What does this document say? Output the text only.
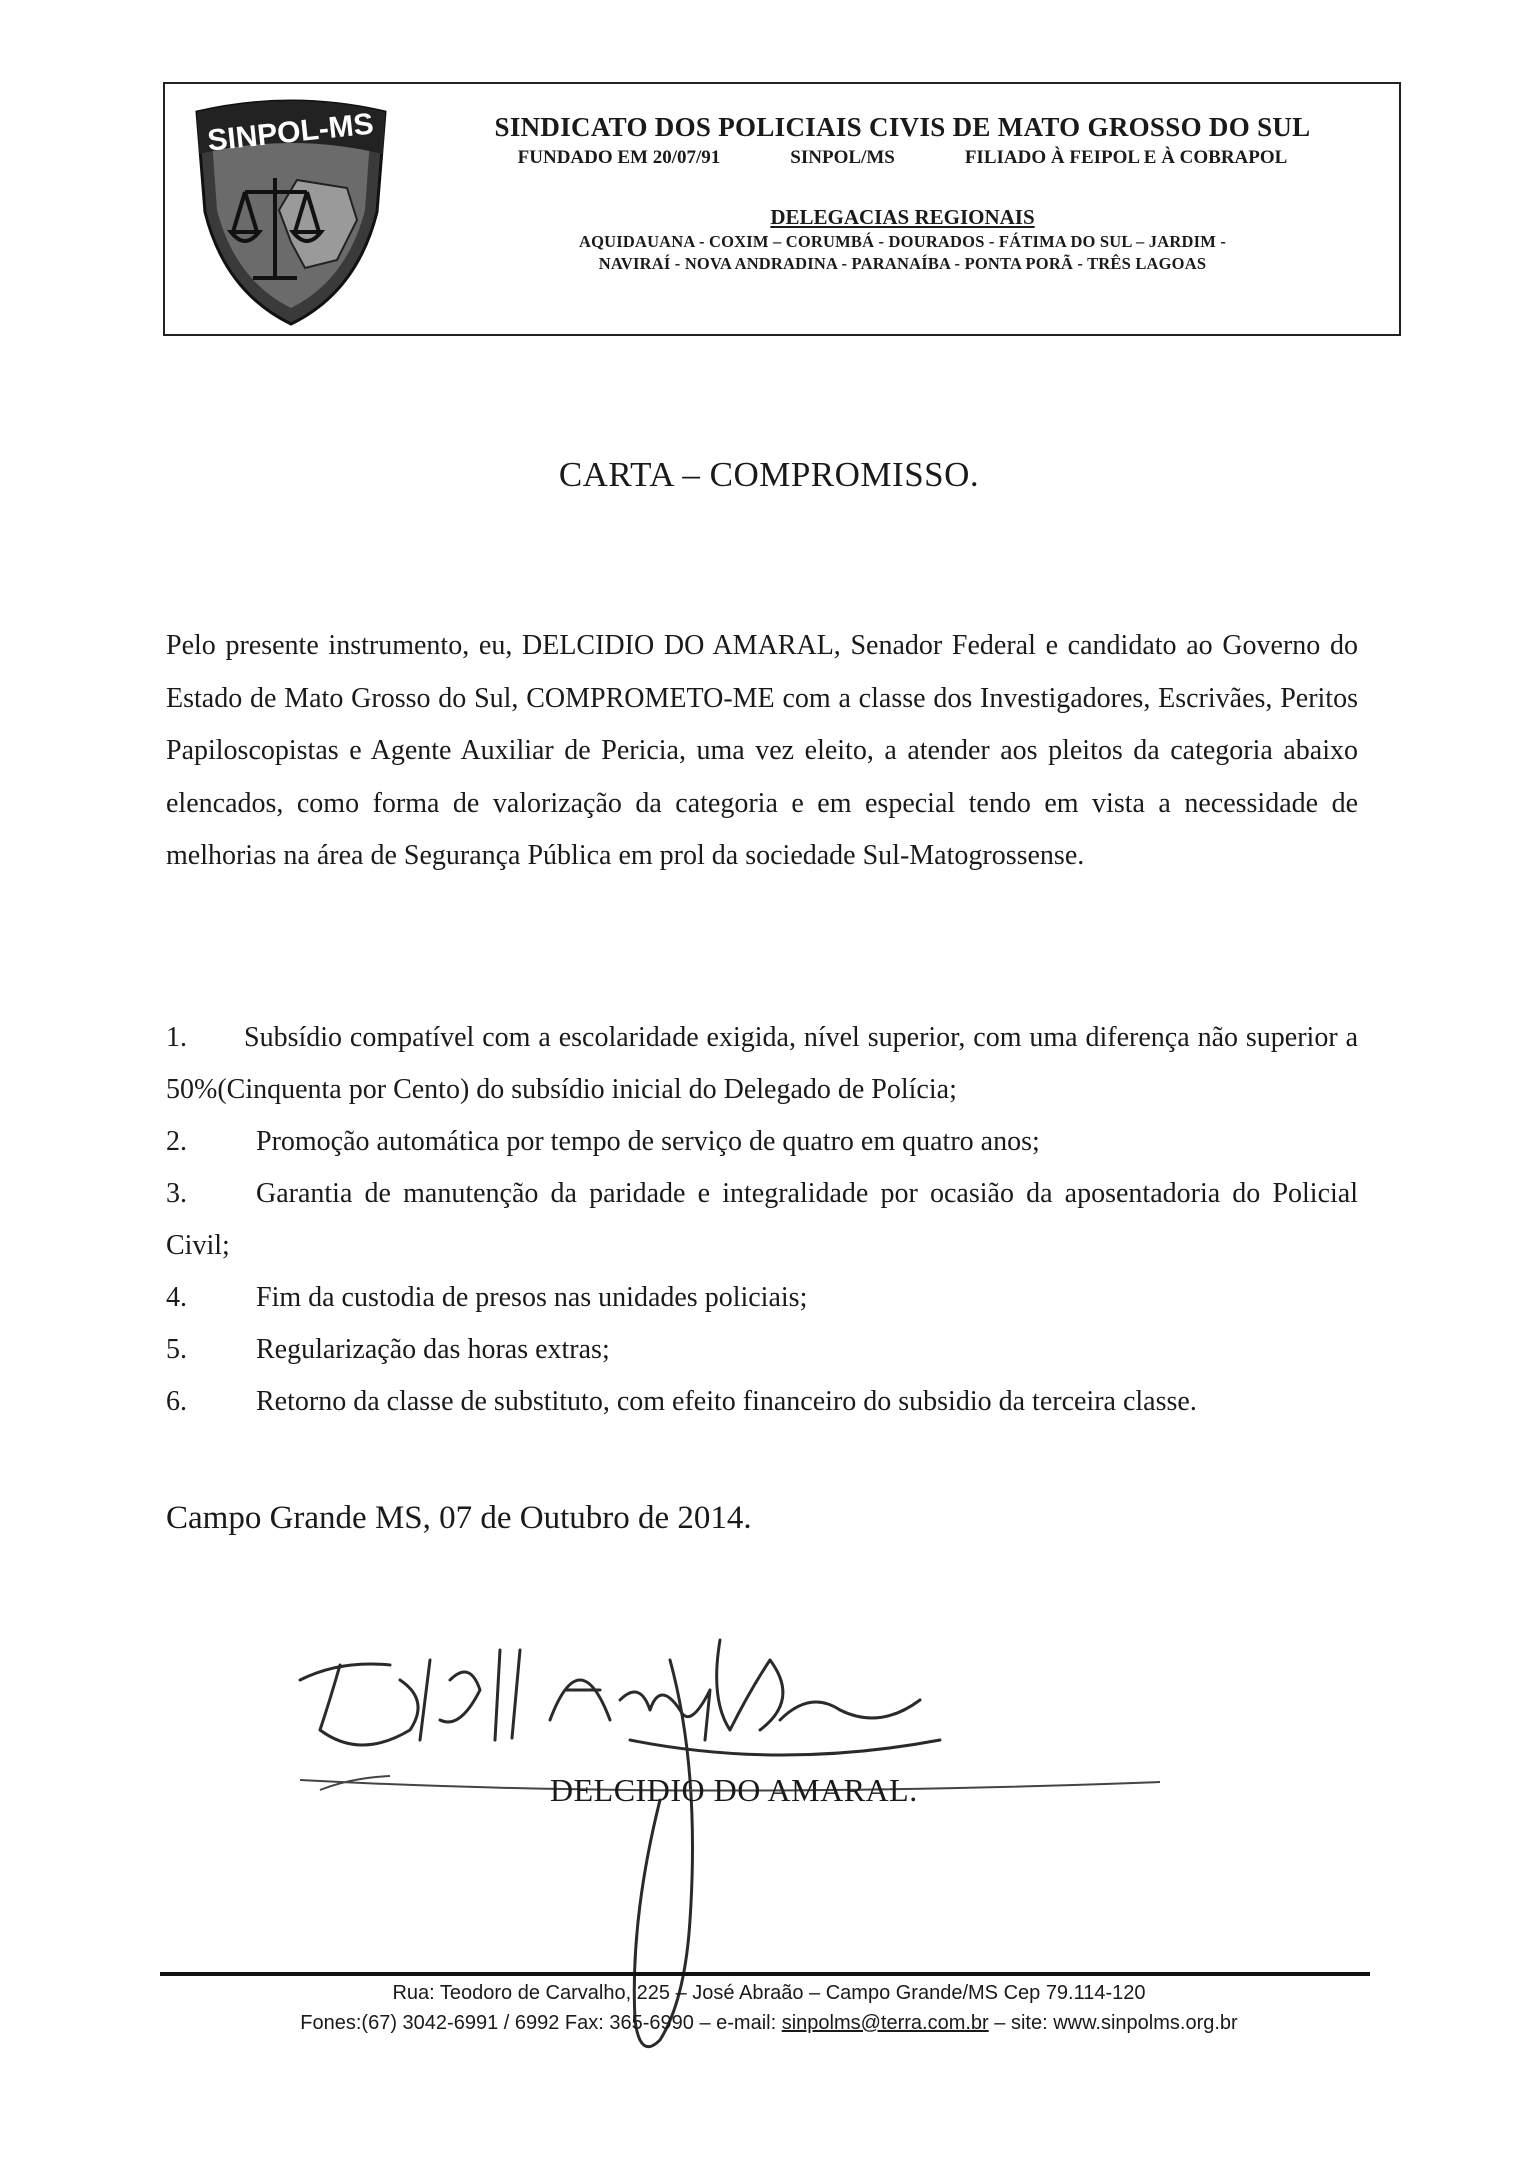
SINPOL-MS	SINDICATO DOS POLICIAIS CIVIS DE MATO GROSSO DO SUL
FUNDADO EM 20/07/91	SINPOL/MS	FILIADO À FEIPOL E À COBRAPOL
DELEGACIAS REGIONAIS
AQUIDAUANA - COXIM – CORUMBÁ - DOURADOS - FÁTIMA DO SUL – JARDIM -
NAVIRAÍ - NOVA ANDRADINA - PARANAÍBA - PONTA PORÃ - TRÊS LAGOAS
CARTA – COMPROMISSO.
Pelo presente instrumento, eu, DELCIDIO DO AMARAL, Senador Federal e candidato ao Governo do Estado de Mato Grosso do Sul, COMPROMETO-ME com a classe dos Investigadores, Escrivães, Peritos Papiloscopistas e Agente Auxiliar de Pericia, uma vez eleito, a atender aos pleitos da categoria abaixo elencados, como forma de valorização da categoria e em especial tendo em vista a necessidade de melhorias na área de Segurança Pública em prol da sociedade Sul-Matogrossense.
1. Subsídio compatível com a escolaridade exigida, nível superior, com uma diferença não superior a 50%(Cinquenta por Cento) do subsídio inicial do Delegado de Polícia;
2. Promoção automática por tempo de serviço de quatro em quatro anos;
3. Garantia de manutenção da paridade e integralidade por ocasião da aposentadoria do Policial Civil;
4. Fim da custodia de presos nas unidades policiais;
5. Regularização das horas extras;
6. Retorno da classe de substituto, com efeito financeiro do subsidio da terceira classe.
Campo Grande MS, 07 de Outubro de 2014.
DELCIDIO DO AMARAL.
Rua: Teodoro de Carvalho, 225 – José Abraão – Campo Grande/MS Cep 79.114-120
Fones:(67) 3042-6991 / 6992 Fax: 365-6990 – e-mail: sinpolms@terra.com.br – site: www.sinpolms.org.br
